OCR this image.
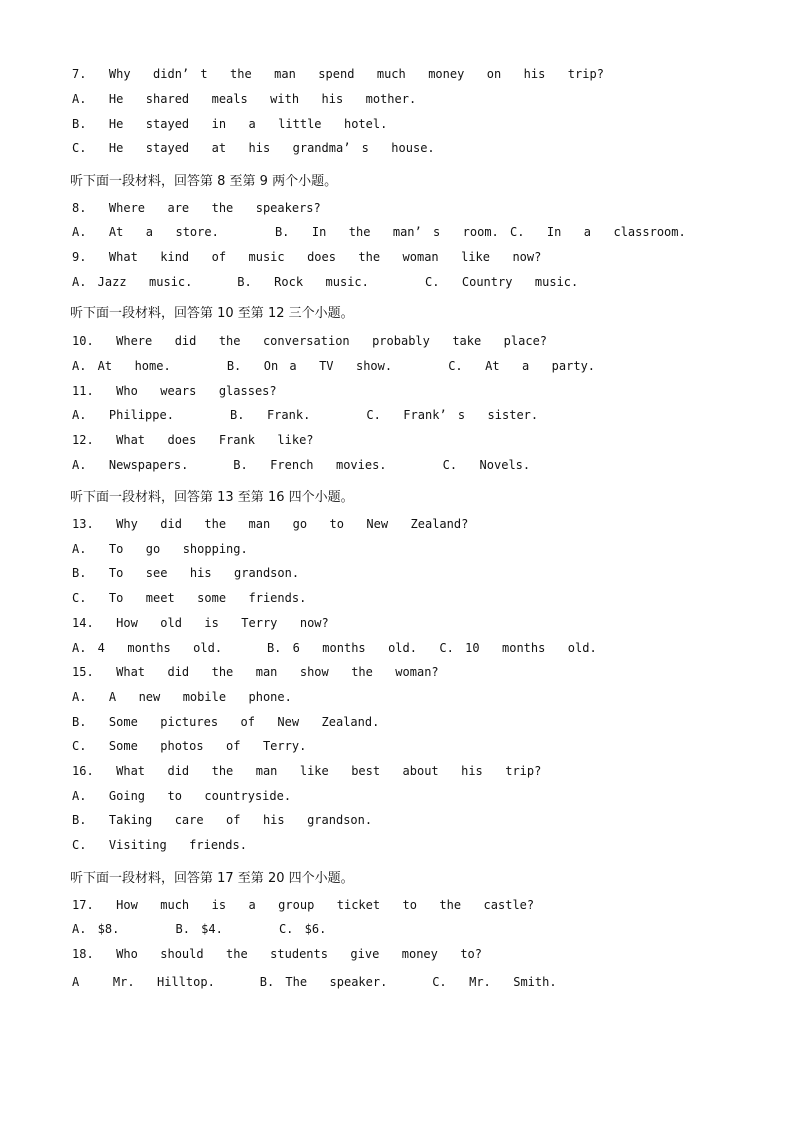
7.  Why  didn’ t  the  man  spend  much  money  on  his  trip?

A.  He  shared  meals  with  his  mother.

B.  He  stayed  in  a  little  hotel.

C.  He  stayed  at  his  grandma’ s  house.

听下面一段材料，回答第 8 至第 9 两个小题。

8.  Where  are  the  speakers?

A.  At  a  store.     B.  In  the  man’ s  room. C.  In  a  classroom.

9.  What  kind  of  music  does  the  woman  like  now?

A. Jazz  music.    B.  Rock  music.     C.  Country  music.

听下面一段材料，回答第 10 至第 12 三个小题。

10.  Where  did  the  conversation  probably  take  place?

A. At  home.     B.  On a  TV  show.     C.  At  a  party.

11.  Who  wears  glasses?

A.  Philippe.     B.  Frank.     C.  Frank’ s  sister.

12.  What  does  Frank  like?

A.  Newspapers.    B.  French  movies.     C.  Novels.

听下面一段材料，回答第 13 至第 16 四个小题。

13.  Why  did  the  man  go  to  New  Zealand?

A.  To  go  shopping.

B.  To  see  his  grandson.

C.  To  meet  some  friends.

14.  How  old  is  Terry  now?

A. 4  months  old.    B. 6  months  old.  C. 10  months  old.

15.  What  did  the  man  show  the  woman?

A.  A  new  mobile  phone.

B.  Some  pictures  of  New  Zealand.

C.  Some  photos  of  Terry.

16.  What  did  the  man  like  best  about  his  trip?

A.  Going  to  countryside.

B.  Taking  care  of  his  grandson.

C.  Visiting  friends.

听下面一段材料，回答第 17 至第 20 四个小题。

17.  How  much  is  a  group  ticket  to  the  castle?

A. $8.     B. $4.     C. $6.

18.  Who  should  the  students  give  money  to?

A   Mr.  Hilltop.    B. The  speaker.    C.  Mr.  Smith.
